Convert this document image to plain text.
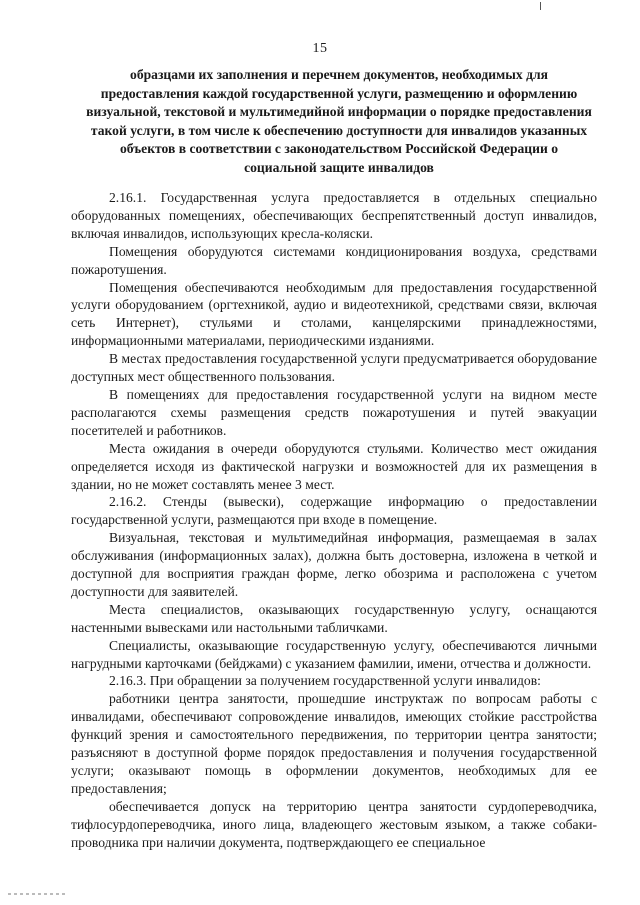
15
образцами их заполнения и перечнем документов, необходимых для предоставления каждой государственной услуги, размещению и оформлению визуальной, текстовой и мультимедийной информации о порядке предоставления такой услуги, в том числе к обеспечению доступности для инвалидов указанных объектов в соответствии с законодательством Российской Федерации о социальной защите инвалидов

2.16.1. Государственная услуга предоставляется в отдельных специально оборудованных помещениях, обеспечивающих беспрепятственный доступ инвалидов, включая инвалидов, использующих кресла-коляски.

Помещения оборудуются системами кондиционирования воздуха, средствами пожаротушения.

Помещения обеспечиваются необходимым для предоставления государственной услуги оборудованием (оргтехникой, аудио и видеотехникой, средствами связи, включая сеть Интернет), стульями и столами, канцелярскими принадлежностями, информационными материалами, периодическими изданиями.

В местах предоставления государственной услуги предусматривается оборудование доступных мест общественного пользования.

В помещениях для предоставления государственной услуги на видном месте располагаются схемы размещения средств пожаротушения и путей эвакуации посетителей и работников.

Места ожидания в очереди оборудуются стульями. Количество мест ожидания определяется исходя из фактической нагрузки и возможностей для их размещения в здании, но не может составлять менее 3 мест.

2.16.2. Стенды (вывески), содержащие информацию о предоставлении государственной услуги, размещаются при входе в помещение.

Визуальная, текстовая и мультимедийная информация, размещаемая в залах обслуживания (информационных залах), должна быть достоверна, изложена в четкой и доступной для восприятия граждан форме, легко обозрима и расположена с учетом доступности для заявителей.

Места специалистов, оказывающих государственную услугу, оснащаются настенными вывесками или настольными табличками.

Специалисты, оказывающие государственную услугу, обеспечиваются личными нагрудными карточками (бейджами) с указанием фамилии, имени, отчества и должности.

2.16.3. При обращении за получением государственной услуги инвалидов:

работники центра занятости, прошедшие инструктаж по вопросам работы с инвалидами, обеспечивают сопровождение инвалидов, имеющих стойкие расстройства функций зрения и самостоятельного передвижения, по территории центра занятости; разъясняют в доступной форме порядок предоставления и получения государственной услуги; оказывают помощь в оформлении документов, необходимых для ее предоставления;

обеспечивается допуск на территорию центра занятости сурдопереводчика, тифлосурдопереводчика, иного лица, владеющего жестовым языком, а также собаки-проводника при наличии документа, подтверждающего ее специальное
